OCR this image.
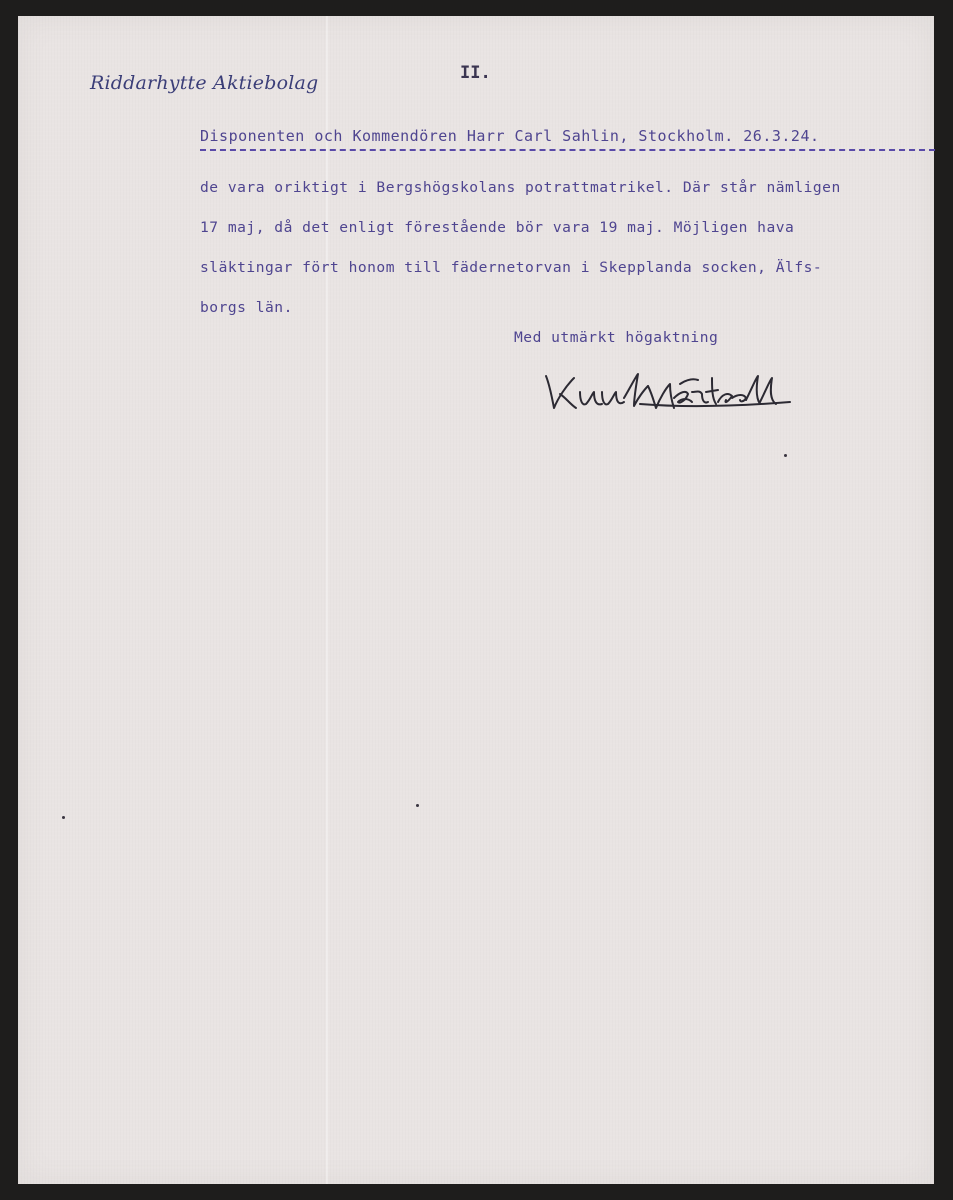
Riddarhytte Aktiebolag	II.
Disponenten och Kommendören Harr Carl Sahlin, Stockholm. 26.3.24.
de vara oriktigt i Bergshögskolans potrattmatrikel. Där står nämligen
17 maj, då det enligt förestående bör vara 19 maj. Möjligen hava
släktingar fört honom till fädernetorvan i Skepplanda socken, Älfs-
borgs län.
Med utmärkt högaktning
